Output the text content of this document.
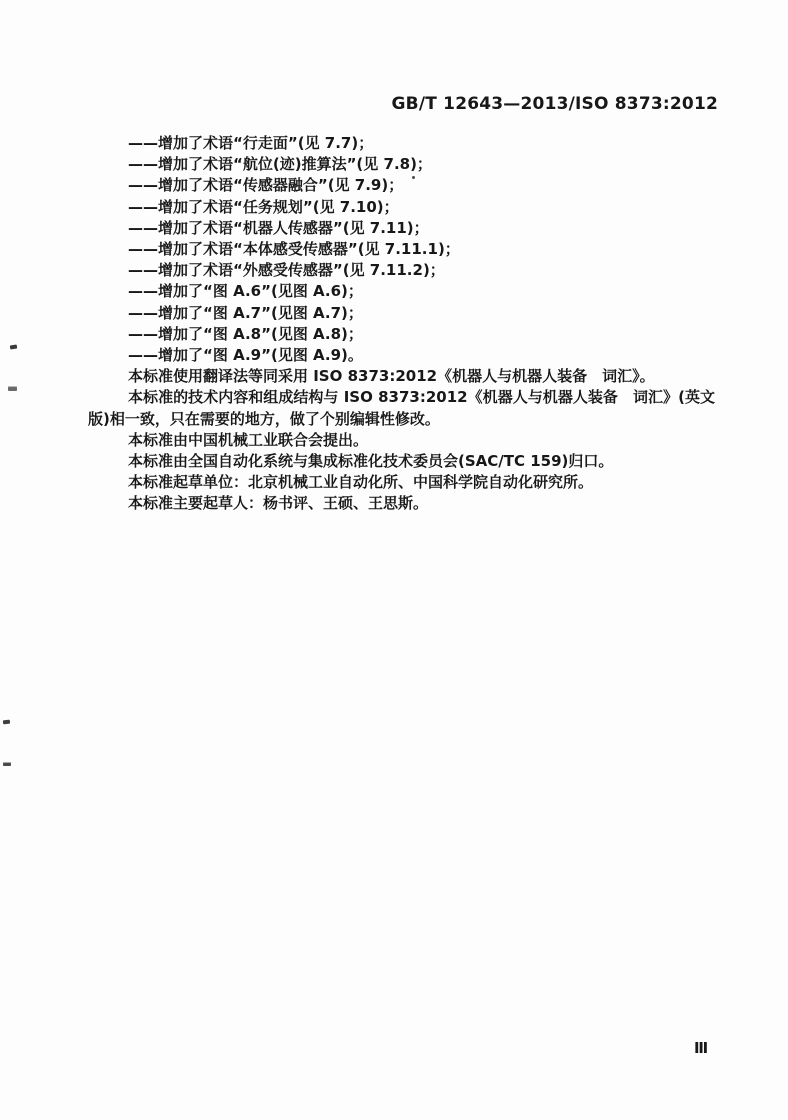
GB/T 12643—2013/ISO 8373:2012
——增加了术语“行走面”(见 7.7)；
——增加了术语“航位(迹)推算法”(见 7.8)；
——增加了术语“传感器融合”(见 7.9)；
——增加了术语“任务规划”(见 7.10)；
——增加了术语“机器人传感器”(见 7.11)；
——增加了术语“本体感受传感器”(见 7.11.1)；
——增加了术语“外感受传感器”(见 7.11.2)；
——增加了“图 A.6”(见图 A.6)；
——增加了“图 A.7”(见图 A.7)；
——增加了“图 A.8”(见图 A.8)；
——增加了“图 A.9”(见图 A.9)。

本标准使用翻译法等同采用 ISO 8373:2012《机器人与机器人装备　词汇》。

本标准的技术内容和组成结构与 ISO 8373:2012《机器人与机器人装备　词汇》(英文版)相一致，只在需要的地方，做了个别编辑性修改。

本标准由中国机械工业联合会提出。

本标准由全国自动化系统与集成标准化技术委员会(SAC/TC 159)归口。

本标准起草单位：北京机械工业自动化所、中国科学院自动化研究所。

本标准主要起草人：杨书评、王硕、王思斯。

Ⅲ
